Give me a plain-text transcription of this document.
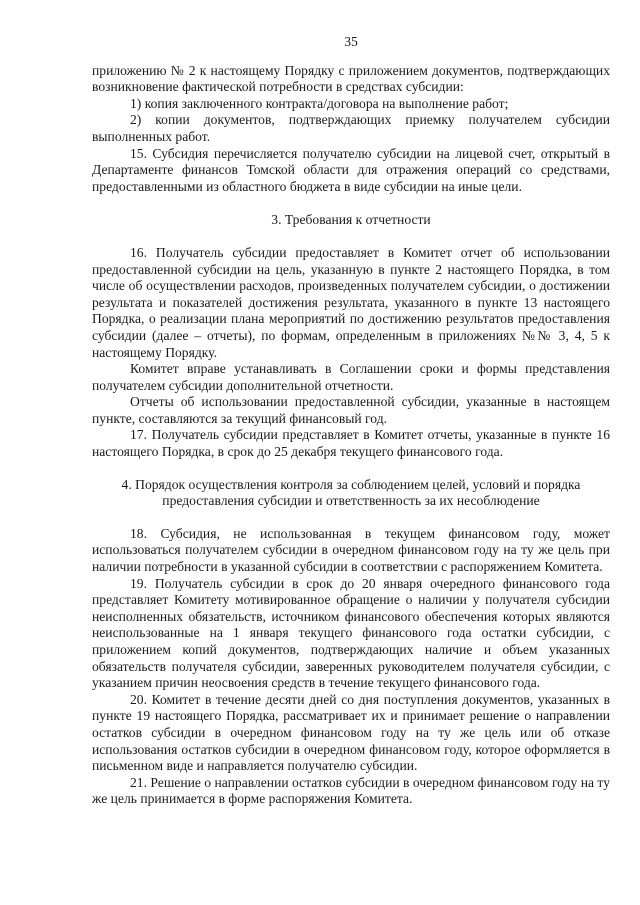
35

приложению № 2 к настоящему Порядку с приложением документов, подтверждающих возникновение фактической потребности в средствах субсидии:

1) копия заключенного контракта/договора на выполнение работ;

2) копии документов, подтверждающих приемку получателем субсидии выполненных работ.

15. Субсидия перечисляется получателю субсидии на лицевой счет, открытый в Департаменте финансов Томской области для отражения операций со средствами, предоставленными из областного бюджета в виде субсидии на иные цели.

3. Требования к отчетности

16. Получатель субсидии предоставляет в Комитет отчет об использовании предоставленной субсидии на цель, указанную в пункте 2 настоящего Порядка, в том числе об осуществлении расходов, произведенных получателем субсидии, о достижении результата и показателей достижения результата, указанного в пункте 13 настоящего Порядка, о реализации плана мероприятий по достижению результатов предоставления субсидии (далее – отчеты), по формам, определенным в приложениях №№ 3, 4, 5 к настоящему Порядку.

Комитет вправе устанавливать в Соглашении сроки и формы представления получателем субсидии дополнительной отчетности.

Отчеты об использовании предоставленной субсидии, указанные в настоящем пункте, составляются за текущий финансовый год.

17. Получатель субсидии представляет в Комитет отчеты, указанные в пункте 16 настоящего Порядка, в срок до 25 декабря текущего финансового года.

4. Порядок осуществления контроля за соблюдением целей, условий и порядка
предоставления субсидии и ответственность за их несоблюдение

18. Субсидия, не использованная в текущем финансовом году, может использоваться получателем субсидии в очередном финансовом году на ту же цель при наличии потребности в указанной субсидии в соответствии с распоряжением Комитета.

19. Получатель субсидии в срок до 20 января очередного финансового года представляет Комитету мотивированное обращение о наличии у получателя субсидии неисполненных обязательств, источником финансового обеспечения которых являются неиспользованные на 1 января текущего финансового года остатки субсидии, с приложением копий документов, подтверждающих наличие и объем указанных обязательств получателя субсидии, заверенных руководителем получателя субсидии, с указанием причин неосвоения средств в течение текущего финансового года.

20. Комитет в течение десяти дней со дня поступления документов, указанных в пункте 19 настоящего Порядка, рассматривает их и принимает решение о направлении остатков субсидии в очередном финансовом году на ту же цель или об отказе использования остатков субсидии в очередном финансовом году, которое оформляется в письменном виде и направляется получателю субсидии.

21. Решение о направлении остатков субсидии в очередном финансовом году на ту же цель принимается в форме распоряжения Комитета.
